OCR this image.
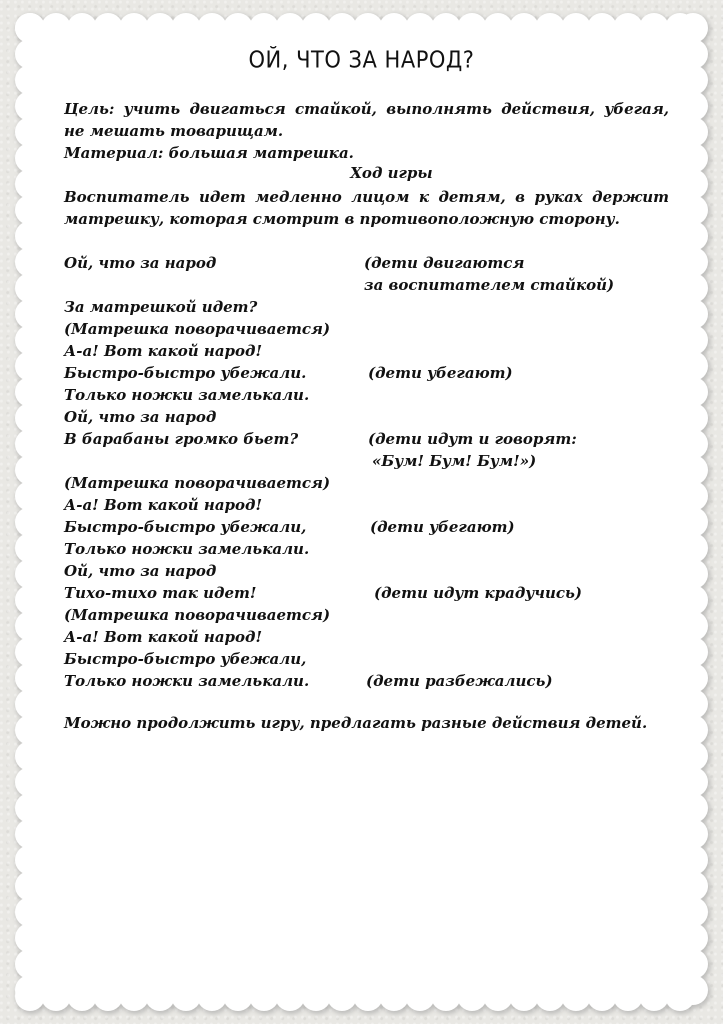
ОЙ, ЧТО ЗА НАРОД?
Цель: учить двигаться стайкой, выполнять действия, убегая, не мешать товарищам.
Материал: большая матрешка.
Ход игры
Воспитатель идет медленно лицом к детям, в руках держит матрешку, которая смотрит в противоположную сторону.
Ой, что за народ
За матрешкой идет?
(Матрешка поворачивается)
А-а! Вот какой народ!
Быстро-быстро убежали.
Только ножки замелькали.
Ой, что за народ
В барабаны громко бьет?
(Матрешка поворачивается)
А-а! Вот какой народ!
Быстро-быстро убежали,
Только ножки замелькали.
Ой, что за народ
Тихо-тихо так идет!
(Матрешка поворачивается)
А-а! Вот какой народ!
Быстро-быстро убежали,
Только ножки замелькали.
(дети двигаются
за воспитателем стайкой)
(дети убегают)
(дети идут и говорят:
«Бум! Бум! Бум!»)
(дети убегают)
(дети идут крадучись)
(дети разбежались)
Можно продолжить игру, предлагать разные действия детей.
